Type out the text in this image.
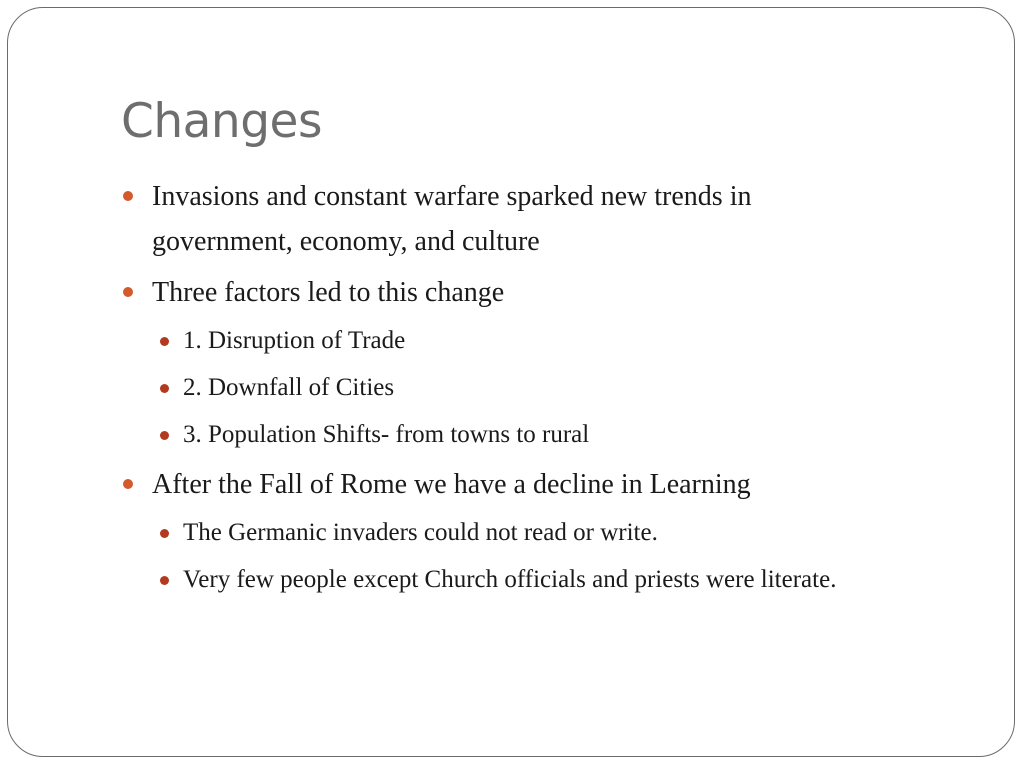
Changes
Invasions and constant warfare sparked new trends in government, economy, and culture
Three factors led to this change
1. Disruption of Trade
2. Downfall of Cities
3. Population Shifts- from towns to rural
After the Fall of Rome we have a decline in Learning
The Germanic invaders could not read or write.
Very few people except Church officials and priests were literate.
